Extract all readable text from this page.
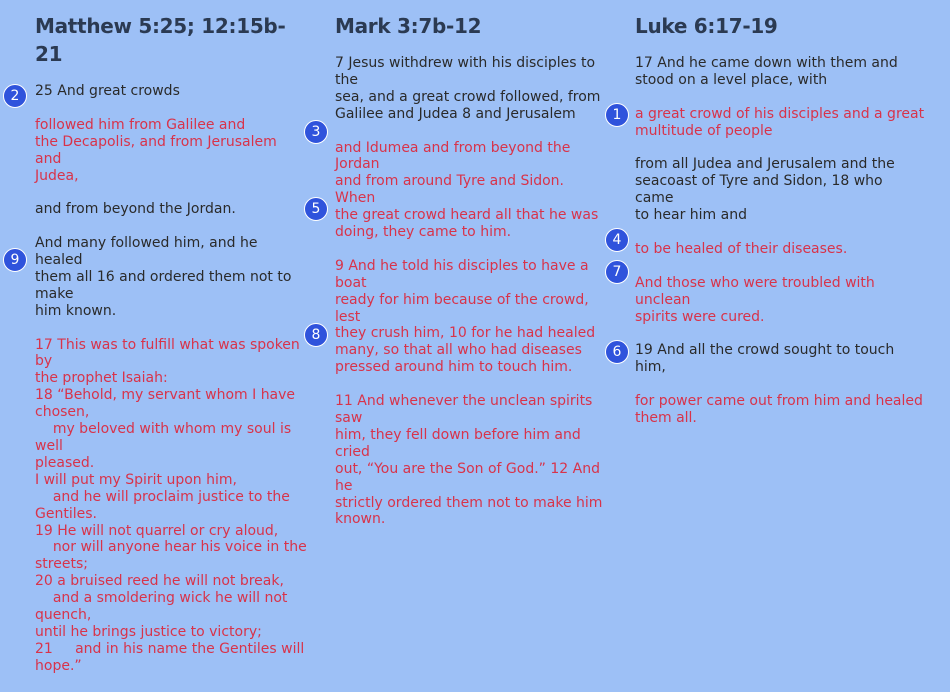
Matthew 5:25; 12:15b-21
25 And great crowds
followed him from Galilee and
the Decapolis, and from Jerusalem and
Judea,
and from beyond the Jordan.
And many followed him, and he healed
them all 16 and ordered them not to make
him known.
17 This was to fulfill what was spoken by
the prophet Isaiah:
18 “Behold, my servant whom I have
chosen,
my beloved with whom my soul is well
pleased.
I will put my Spirit upon him,
and he will proclaim justice to the
Gentiles.
19 He will not quarrel or cry aloud,
nor will anyone hear his voice in the
streets;
20 a bruised reed he will not break,
and a smoldering wick he will not
quench,
until he brings justice to victory;
21     and in his name the Gentiles will
hope.”
Mark 3:7b-12
7 Jesus withdrew with his disciples to the
sea, and a great crowd followed, from
Galilee and Judea 8 and Jerusalem
and Idumea and from beyond the Jordan
and from around Tyre and Sidon. When
the great crowd heard all that he was
doing, they came to him.
9 And he told his disciples to have a boat
ready for him because of the crowd, lest
they crush him, 10 for he had healed
many, so that all who had diseases
pressed around him to touch him.
11 And whenever the unclean spirits saw
him, they fell down before him and cried
out, “You are the Son of God.” 12 And he
strictly ordered them not to make him
known.
Luke 6:17-19
17 And he came down with them and
stood on a level place, with
a great crowd of his disciples and a great
multitude of people
from all Judea and Jerusalem and the
seacoast of Tyre and Sidon, 18 who came
to hear him and
to be healed of their diseases.
And those who were troubled with unclean
spirits were cured.
19 And all the crowd sought to touch him,
for power came out from him and healed
them all.
2
9
3
5
8
1
4
7
6
